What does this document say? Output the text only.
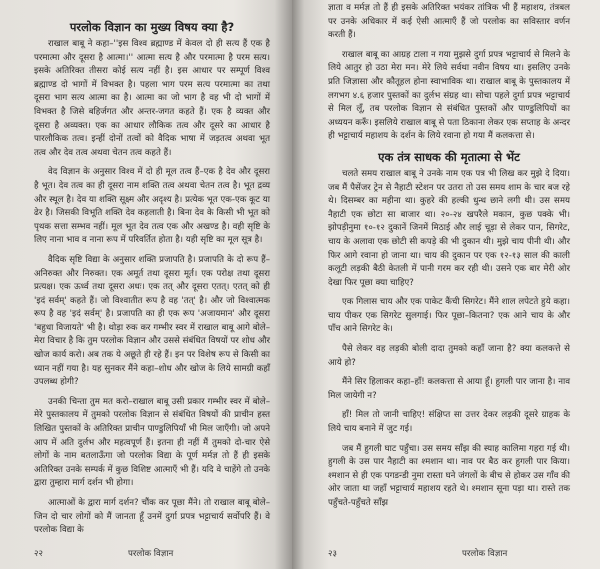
परलोक विज्ञान का मुख्य विषय क्या है?

राखाल बाबू ने कहा–''इस विश्व ब्रह्माण्ड में केवल दो ही सत्य हैं एक है परमात्मा और दूसरा है आत्मा।'' आत्मा सत्य है और परमात्मा है परम सत्य। इसके अतिरिक्त तीसरा कोई सत्य नहीं है। इस आधार पर सम्पूर्ण विश्व ब्रह्माण्ड दो भागों में विभक्त है। पहला भाग परम सत्य परमात्मा का तथा दूसरा भाग सत्य आत्मा का है। आत्मा का जो भाग है वह भी दो भागों में विभक्त है जिसे बहिर्जगत और अन्तर-जगत कहते हैं। एक है व्यक्त और दूसरा है अव्यक्त। एक का आधार लौकिक तत्व और दूसरे का आधार है पारलौकिक तत्व। इन्हीं दोनों तत्वों को वैदिक भाषा में जड़तत्व अथवा भूत तत्व और देव तत्व अथवा चेतन तत्व कहते हैं।

वेद विज्ञान के अनुसार विश्व में दो ही मूल तत्व हैं–एक है देव और दूसरा है भूत। देव तत्व का ही दूसरा नाम शक्ति तत्व अथवा चेतन तत्व है। भूत द्रव्य और स्थूल है। देव या शक्ति सूक्ष्म और अदृश्य है। प्रत्येक भूत एक-एक कूट या ढेर है। जिसकी विभूति शक्ति देव कहलाती है। बिना देव के किसी भी भूत को पृथक सत्ता सम्भव नहीं। मूल भूत देव तत्व एक और अखण्ड है। वही सृष्टि के लिए नाना भाव व नाना रूप में परिवर्तित होता है। यही सृष्टि का मूल सूत्र है।

वैदिक सृष्टि विद्या के अनुसार शक्ति प्रजापति है। प्रजापति के दो रूप हैं– अनिरुक्त और निरुक्त। एक अमूर्त तथा दूसरा मूर्त। एक परोक्ष तथा दूसरा प्रत्यक्ष। एक ऊर्ध्व तथा दूसरा अधः। एक तत् और दूसरा एतत्। एतत् को ही 'इदं सर्वम्' कहते हैं। जो विश्वातीत रूप है वह 'तत्' है। और जो विश्वात्मक रूप है वह 'इदं सर्वम्' है। प्रजापति का ही एक रूप 'अजायमान' और दूसरा 'बहुधा विजायते' भी है। थोड़ा रुक कर गम्भीर स्वर में राखाल बाबू आगे बोले–मेरा विचार है कि तुम परलोक विज्ञान और उससे संबंधित विषयों पर शोध और खोज कार्य करो। अब तक ये अछूते ही रहे हैं। इन पर विशेष रूप से किसी का ध्यान नहीं गया है। यह सुनकर मैंने कहा–शोध और खोज के लिये सामग्री कहाँ उपलब्ध होगी?

उनकी चिन्ता तुम मत करो–राखाल बाबू उसी प्रकार गम्भीर स्वर में बोले–मेरे पुस्तकालय में तुमको परलोक विज्ञान से संबंधित विषयों की प्राचीन हस्त लिखित पुस्तकों के अतिरिक्त प्राचीन पाण्डुलिपियाँ भी मिल जाएँगी। जो अपने आप में अति दुर्लभ और महत्वपूर्ण हैं। इतना ही नहीं मैं तुमको दो-चार ऐसे लोगों के नाम बतलाऊँगा जो परलोक विद्या के पूर्ण मर्मज्ञ तो हैं ही इसके अतिरिक्त उनके सम्पर्क में कुछ विशिष्ट आत्माएँ भी हैं। यदि वे चाहेंगे तो उनके द्वारा तुम्हारा मार्ग दर्शन भी होगा।

आत्माओं के द्वारा मार्ग दर्शन? चौंक कर पूछा मैंने। तो राखाल बाबू बोले–जिन दो चार लोगों को मैं जानता हूँ उनमें दुर्गा प्रपत्र भट्टाचार्य सर्वोपरि हैं। वे परलोक विद्या के

२२	परलोक विज्ञान

ज्ञाता व मर्मज्ञ तो हैं ही इसके अतिरिक्त भयंकर तांत्रिक भी हैं महाशय, तंत्रबल पर उनके अधिकार में कई ऐसी आत्माएँ हैं जो परलोक का सविस्तार वर्णन करती हैं।

राखाल बाबू का आग्रह टाला न गया मुझसे दुर्गा प्रपत्र भट्टाचार्य से मिलने के लिये आतुर हो उठा मेरा मन। मेरे लिये सर्वथा नवीन विषय था। इसलिए उनके प्रति जिज्ञासा और कौतूहल होना स्वाभाविक था। राखाल बाबू के पुस्तकालय में लगभग ४.६ हजार पुस्तकों का दुर्लभ संग्रह था। सोचा पहले दुर्गा प्रपत्र भट्टाचार्य से मिल लूँ, तब परलोक विज्ञान से संबंधित पुस्तकों और पाण्डुलिपियों का अध्ययन करूँ। इसलिये राखाल बाबू से पता ठिकाना लेकर एक सप्ताह के अन्दर ही भट्टाचार्य महाशय के दर्शन के लिये रवाना हो गया मैं कलकत्ता से।

एक तंत्र साधक की मृतात्मा से भेंट

चलते समय राखाल बाबू ने उनके नाम एक पत्र भी लिख कर मुझे दे दिया। जब मैं पैसेंजर ट्रेन से नैहाटी स्टेशन पर उतरा तो उस समय शाम के चार बज रहे थे। दिसम्बर का महीना था। कुहरे की हल्की धुन्ध छाने लगी थी। उस समय नैहाटी एक छोटा सा बाजार था। २०-२४ खपरैले मकान, कुछ पक्के भी। झोपड़ीनुमा १०-१२ दुकानें जिनमें मिठाई और लाई चूड़ा से लेकर पान, सिगरेट, चाय के अलावा एक छोटी सी कपड़े की भी दुकान थी। मुझे चाय पीनी थी। और फिर आगे रवाना हो जाना था। चाय की दुकान पर एक १२-१३ साल की काली कलूटी लड़की बैठी केतली में पानी गरम कर रही थी। उसने एक बार मेरी ओर देखा फिर पूछा क्या चाहिए?

एक गिलास चाय और एक पाकेट कैंची सिगरेट। मैंने शाल लपेटते हुये कहा। चाय पीकर एक सिगरेट सुलगाई। फिर पूछा–कितना? एक आने चाय के और पाँच आने सिगरेट के।

पैसे लेकर वह लड़की बोली दादा तुमको कहाँ जाना है? क्या कलकत्ते से आये हो?

मैंने सिर हिलाकर कहा–हाँ! कलकत्ता से आया हूँ। हुगली पार जाना है। नाव मिल जायेगी न?

हाँ! मिल तो जानी चाहिए! संक्षिप्त सा उत्तर देकर लड़की दूसरे ग्राहक के लिये चाय बनाने में जुट गई।

जब मैं हुगली घाट पहुँचा। उस समय साँझ की स्याह कालिमा गहरा गई थी। हुगली के उस पार नैहाटी का श्मशान था। नाव पर बैठ कर हुगली पार किया। श्मशान से ही एक पगडन्डी नुमा रास्ता घने जंगलों के बीच से होकर उस गाँव की ओर जाता था जहाँ भट्टाचार्य महाशय रहते थे। श्मशान सूना पड़ा था। रास्ते तक पहुँचते-पहुँचते साँझ

२३	परलोक विज्ञान
